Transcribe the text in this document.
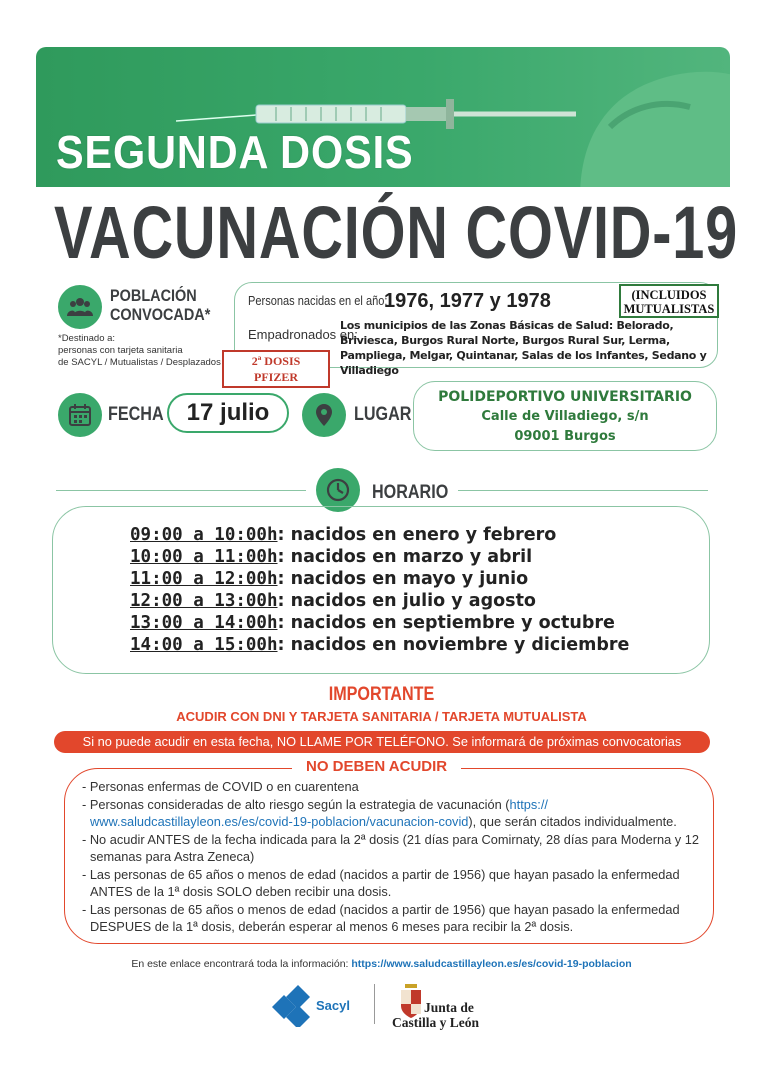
SEGUNDA DOSIS
VACUNACIÓN COVID-19
POBLACIÓN
CONVOCADA*
*Destinado a:
personas con tarjeta sanitaria
de SACYL / Mutualistas / Desplazados
Personas nacidas en el año:
1976, 1977 y 1978	(INCLUIDOS
MUTUALISTAS
Empadronados en:
Los municipios de las Zonas Básicas de Salud: Belorado, Briviesca, Burgos Rural Norte, Burgos Rural Sur, Lerma, Pampliega, Melgar, Quintanar, Salas de los Infantes, Sedano y Villadiego
2ª DOSIS
PFIZER
FECHA 17 julio	LUGAR
POLIDEPORTIVO UNIVERSITARIO
Calle de Villadiego, s/n
09001 Burgos
HORARIO
09:00 a 10:00h: nacidos en enero y febrero
10:00 a 11:00h: nacidos en marzo y abril
11:00 a 12:00h: nacidos en mayo y junio
12:00 a 13:00h: nacidos en julio y agosto
13:00 a 14:00h: nacidos en septiembre y octubre
14:00 a 15:00h: nacidos en noviembre y diciembre
IMPORTANTE
ACUDIR CON DNI Y TARJETA SANITARIA / TARJETA MUTUALISTA
Si no puede acudir en esta fecha, NO LLAME POR TELÉFONO. Se informará de próximas convocatorias
NO DEBEN ACUDIR
- Personas enfermas de COVID o en cuarentena
- Personas consideradas de alto riesgo según la estrategia de vacunación (https:// www.saludcastillayleon.es/es/covid-19-poblacion/vacunacion-covid), que serán citados individualmente.
- No acudir ANTES de la fecha indicada para la 2ª dosis (21 días para Comirnaty, 28 días para Moderna y 12 semanas para Astra Zeneca)
- Las personas de 65 años o menos de edad (nacidos a partir de 1956) que hayan pasado la enfermedad ANTES de la 1ª dosis SOLO deben recibir una dosis.
- Las personas de 65 años o menos de edad (nacidos a partir de 1956) que hayan pasado la enfermedad DESPUES de la 1ª dosis, deberán esperar al menos 6 meses para recibir la 2ª dosis.
En este enlace encontrará toda la información: https://www.saludcastillayleon.es/es/covid-19-poblacion
Sacyl	Junta de
Castilla y León
